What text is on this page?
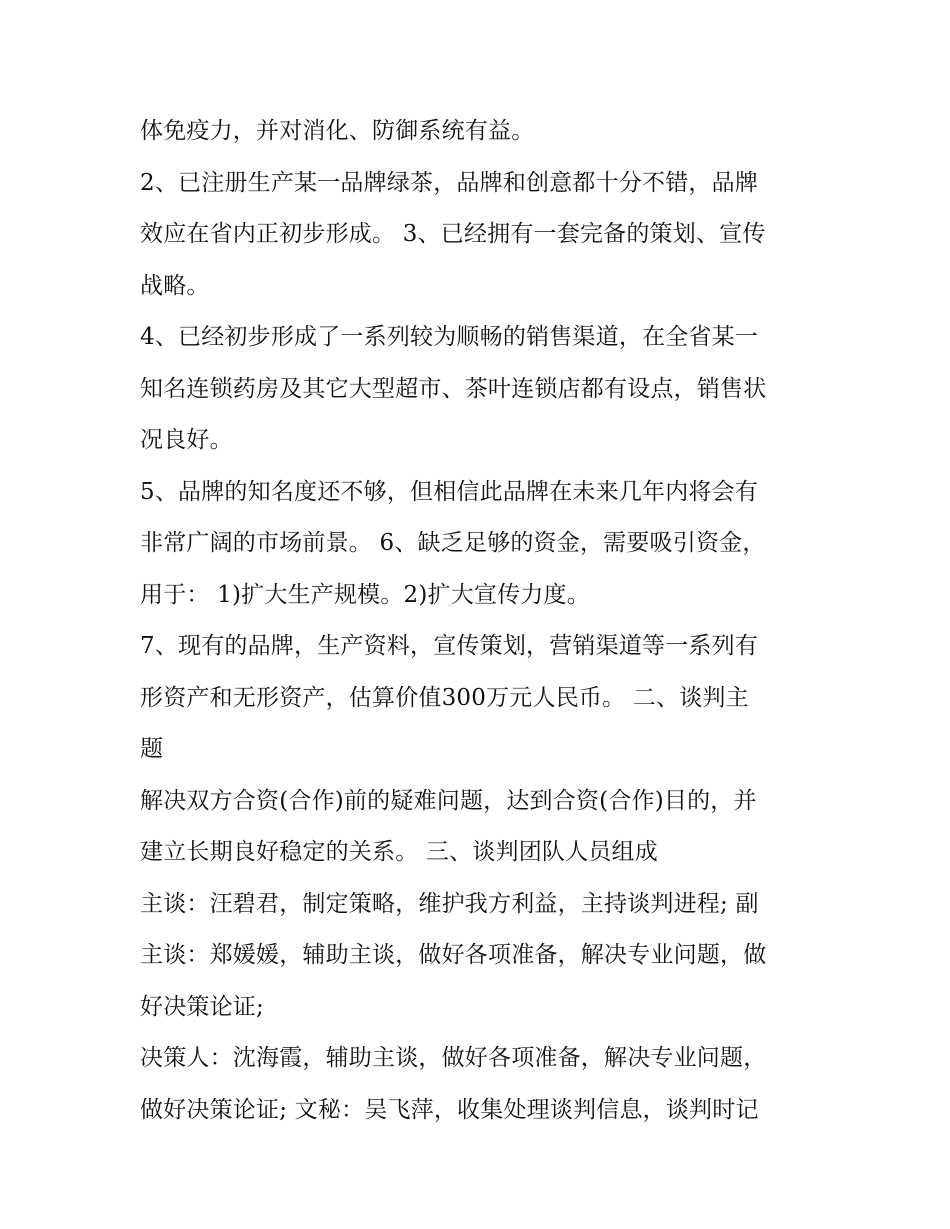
体免疫力，并对消化、防御系统有益。
2、已注册生产某一品牌绿茶，品牌和创意都十分不错，品牌
效应在省内正初步形成。 3、已经拥有一套完备的策划、宣传
战略。
4、已经初步形成了一系列较为顺畅的销售渠道，在全省某一
知名连锁药房及其它大型超市、茶叶连锁店都有设点，销售状
况良好。
5、品牌的知名度还不够，但相信此品牌在未来几年内将会有
非常广阔的市场前景。 6、缺乏足够的资金，需要吸引资金，
用于： 1)扩大生产规模。2)扩大宣传力度。
7、现有的品牌，生产资料，宣传策划，营销渠道等一系列有
形资产和无形资产，估算价值300万元人民币。 二、谈判主
题
解决双方合资(合作)前的疑难问题，达到合资(合作)目的，并
建立长期良好稳定的关系。 三、谈判团队人员组成
主谈：汪碧君，制定策略，维护我方利益，主持谈判进程; 副
主谈：郑媛媛，辅助主谈，做好各项准备，解决专业问题，做
好决策论证;
决策人：沈海霞，辅助主谈，做好各项准备，解决专业问题，
做好决策论证; 文秘：吴飞萍，收集处理谈判信息，谈判时记
